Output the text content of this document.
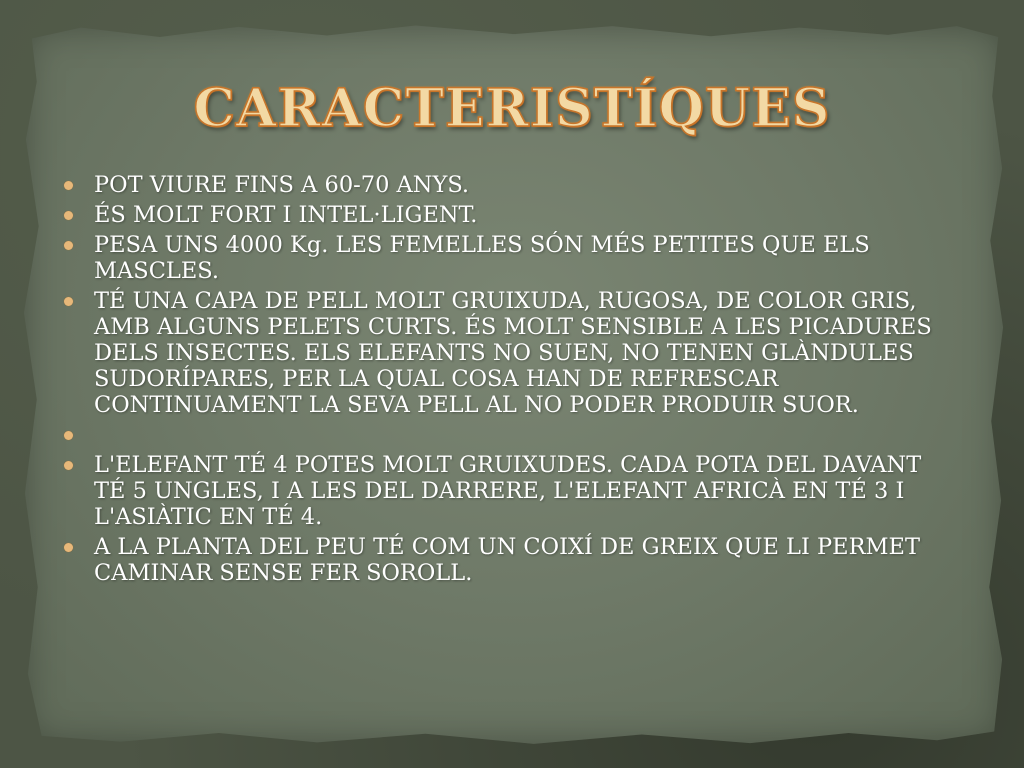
CARACTERISTÍQUES
POT VIURE FINS A 60-70 ANYS.
ÉS MOLT FORT I INTEL·LIGENT.
PESA UNS 4000 Kg. LES FEMELLES SÓN MÉS PETITES QUE ELS MASCLES.
TÉ UNA CAPA DE PELL MOLT GRUIXUDA, RUGOSA, DE COLOR GRIS, AMB ALGUNS PELETS CURTS. ÉS MOLT SENSIBLE A LES PICADURES DELS INSECTES. ELS ELEFANTS NO SUEN, NO TENEN GLÀNDULES SUDORÍPARES, PER LA QUAL COSA HAN DE REFRESCAR CONTINUAMENT LA SEVA PELL AL NO PODER PRODUIR SUOR.
L'ELEFANT TÉ 4 POTES MOLT GRUIXUDES. CADA POTA DEL DAVANT TÉ 5 UNGLES, I A LES DEL DARRERE, L'ELEFANT AFRICÀ EN TÉ 3 I L'ASIÀTIC EN TÉ 4.
A LA PLANTA DEL PEU TÉ COM UN COIXÍ DE GREIX QUE LI PERMET CAMINAR SENSE FER SOROLL.
